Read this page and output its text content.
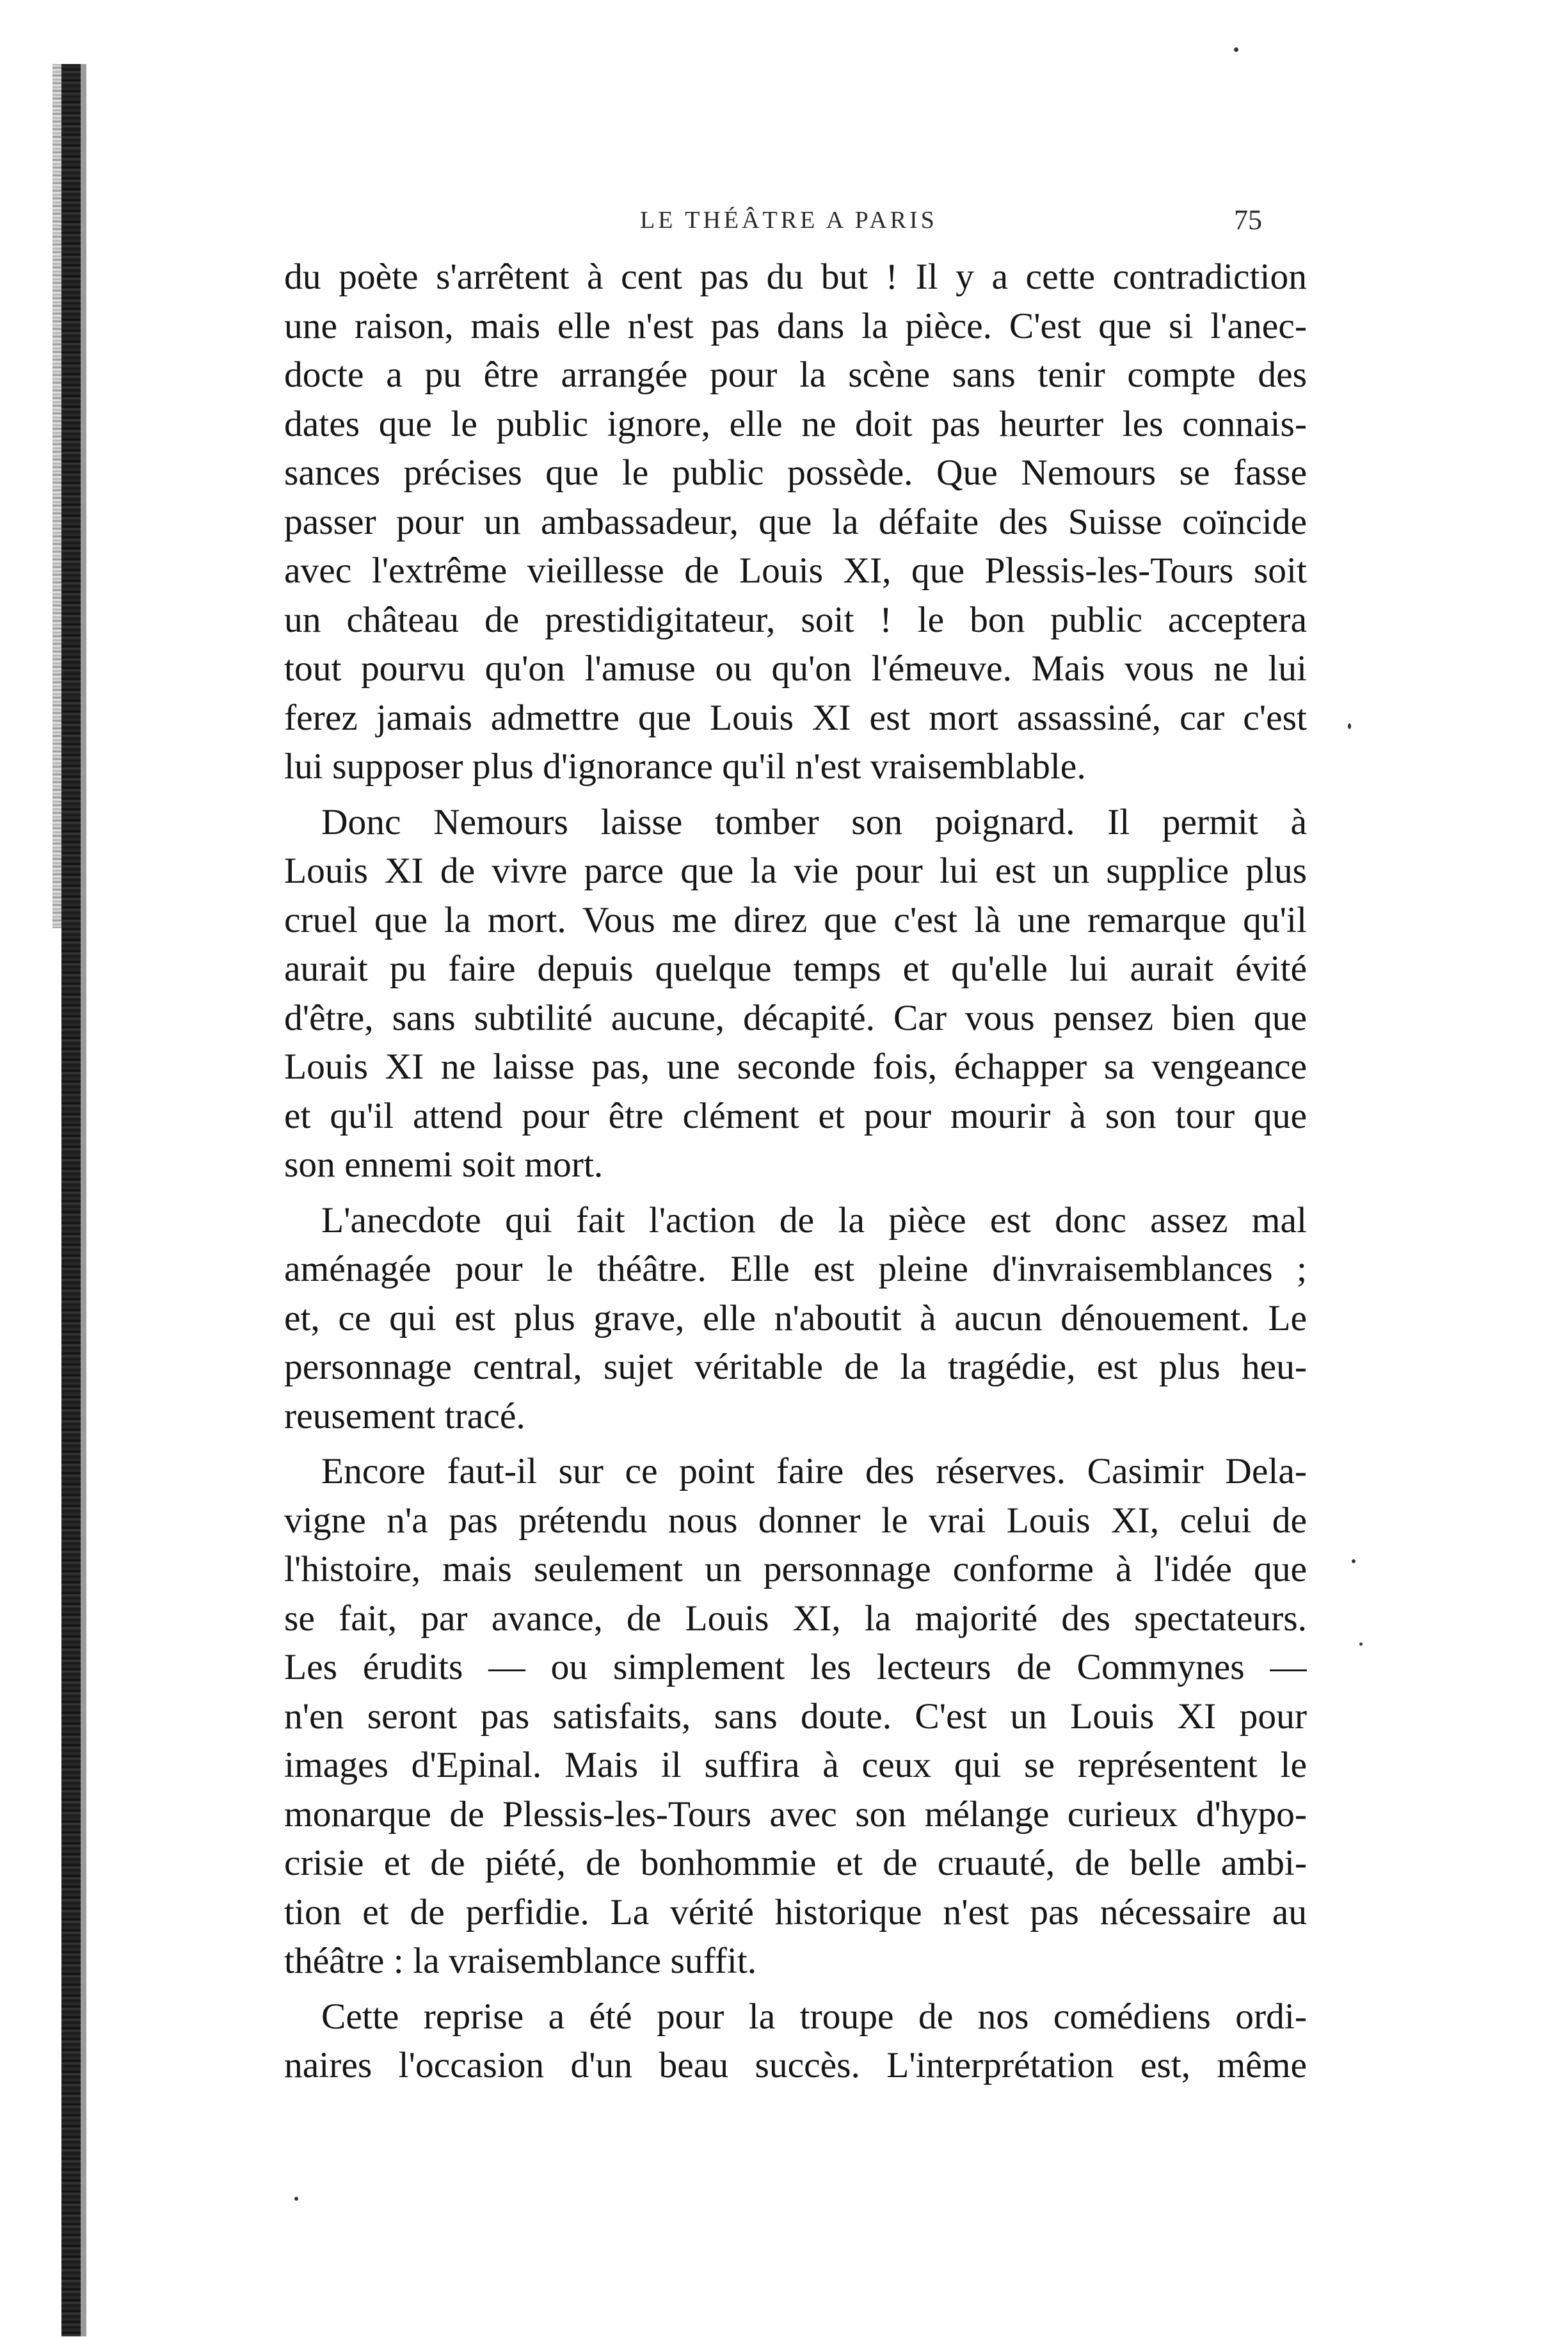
LE THÉÂTRE A PARIS	75
du poète s'arrêtent à cent pas du but ! Il y a cette contradiction
une raison, mais elle n'est pas dans la pièce. C'est que si l'anec-
docte a pu être arrangée pour la scène sans tenir compte des
dates que le public ignore, elle ne doit pas heurter les connais-
sances précises que le public possède. Que Nemours se fasse
passer pour un ambassadeur, que la défaite des Suisse coïncide
avec l'extrême vieillesse de Louis XI, que Plessis-les-Tours soit
un château de prestidigitateur, soit ! le bon public acceptera
tout pourvu qu'on l'amuse ou qu'on l'émeuve. Mais vous ne lui
ferez jamais admettre que Louis XI est mort assassiné, car c'est
lui supposer plus d'ignorance qu'il n'est vraisemblable.
Donc Nemours laisse tomber son poignard. Il permit à
Louis XI de vivre parce que la vie pour lui est un supplice plus
cruel que la mort. Vous me direz que c'est là une remarque qu'il
aurait pu faire depuis quelque temps et qu'elle lui aurait évité
d'être, sans subtilité aucune, décapité. Car vous pensez bien que
Louis XI ne laisse pas, une seconde fois, échapper sa vengeance
et qu'il attend pour être clément et pour mourir à son tour que
son ennemi soit mort.
L'anecdote qui fait l'action de la pièce est donc assez mal
aménagée pour le théâtre. Elle est pleine d'invraisemblances ;
et, ce qui est plus grave, elle n'aboutit à aucun dénouement. Le
personnage central, sujet véritable de la tragédie, est plus heu-
reusement tracé.
Encore faut-il sur ce point faire des réserves. Casimir Dela-
vigne n'a pas prétendu nous donner le vrai Louis XI, celui de
l'histoire, mais seulement un personnage conforme à l'idée que
se fait, par avance, de Louis XI, la majorité des spectateurs.
Les érudits — ou simplement les lecteurs de Commynes —
n'en seront pas satisfaits, sans doute. C'est un Louis XI pour
images d'Epinal. Mais il suffira à ceux qui se représentent le
monarque de Plessis-les-Tours avec son mélange curieux d'hypo-
crisie et de piété, de bonhommie et de cruauté, de belle ambi-
tion et de perfidie. La vérité historique n'est pas nécessaire au
théâtre : la vraisemblance suffit.
Cette reprise a été pour la troupe de nos comédiens ordi-
naires l'occasion d'un beau succès. L'interprétation est, même
